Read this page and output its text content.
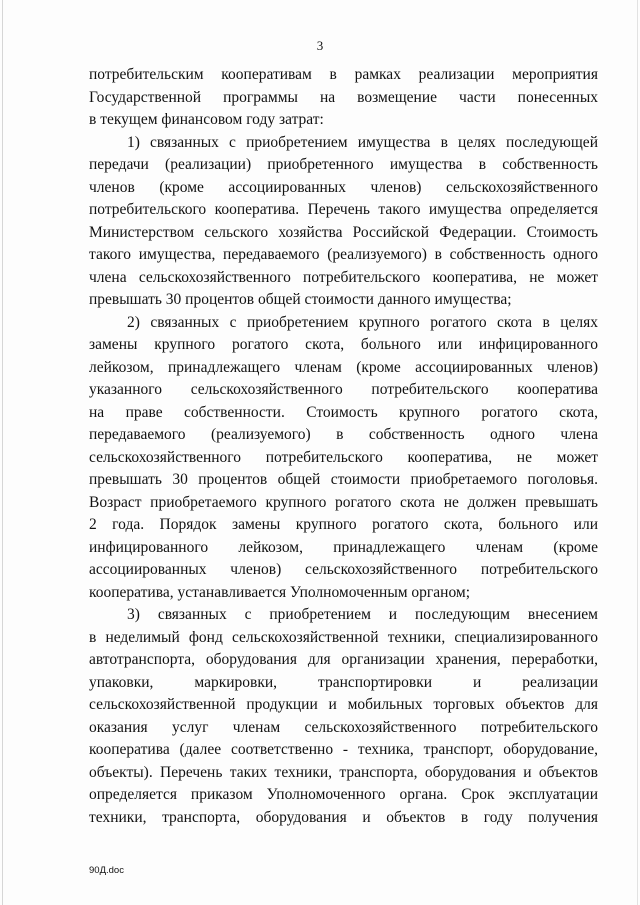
3
потребительским кооперативам в рамках реализации мероприятия
Государственной программы на возмещение части понесенных
в текущем финансовом году затрат:
1) связанных с приобретением имущества в целях последующей
передачи (реализации) приобретенного имущества в собственность
членов (кроме ассоциированных членов) сельскохозяйственного
потребительского кооператива. Перечень такого имущества определяется
Министерством сельского хозяйства Российской Федерации. Стоимость
такого имущества, передаваемого (реализуемого) в собственность одного
члена сельскохозяйственного потребительского кооператива, не может
превышать 30 процентов общей стоимости данного имущества;
2) связанных с приобретением крупного рогатого скота в целях
замены крупного рогатого скота, больного или инфицированного
лейкозом, принадлежащего членам (кроме ассоциированных членов)
указанного сельскохозяйственного потребительского кооператива
на праве собственности. Стоимость крупного рогатого скота,
передаваемого (реализуемого) в собственность одного члена
сельскохозяйственного потребительского кооператива, не может
превышать 30 процентов общей стоимости приобретаемого поголовья.
Возраст приобретаемого крупного рогатого скота не должен превышать
2 года. Порядок замены крупного рогатого скота, больного или
инфицированного лейкозом, принадлежащего членам (кроме
ассоциированных членов) сельскохозяйственного потребительского
кооператива, устанавливается Уполномоченным органом;
3) связанных с приобретением и последующим внесением
в неделимый фонд сельскохозяйственной техники, специализированного
автотранспорта, оборудования для организации хранения, переработки,
упаковки, маркировки, транспортировки и реализации
сельскохозяйственной продукции и мобильных торговых объектов для
оказания услуг членам сельскохозяйственного потребительского
кооператива (далее соответственно - техника, транспорт, оборудование,
объекты). Перечень таких техники, транспорта, оборудования и объектов
определяется приказом Уполномоченного органа. Срок эксплуатации
техники, транспорта, оборудования и объектов в году получения
90Д.doc
